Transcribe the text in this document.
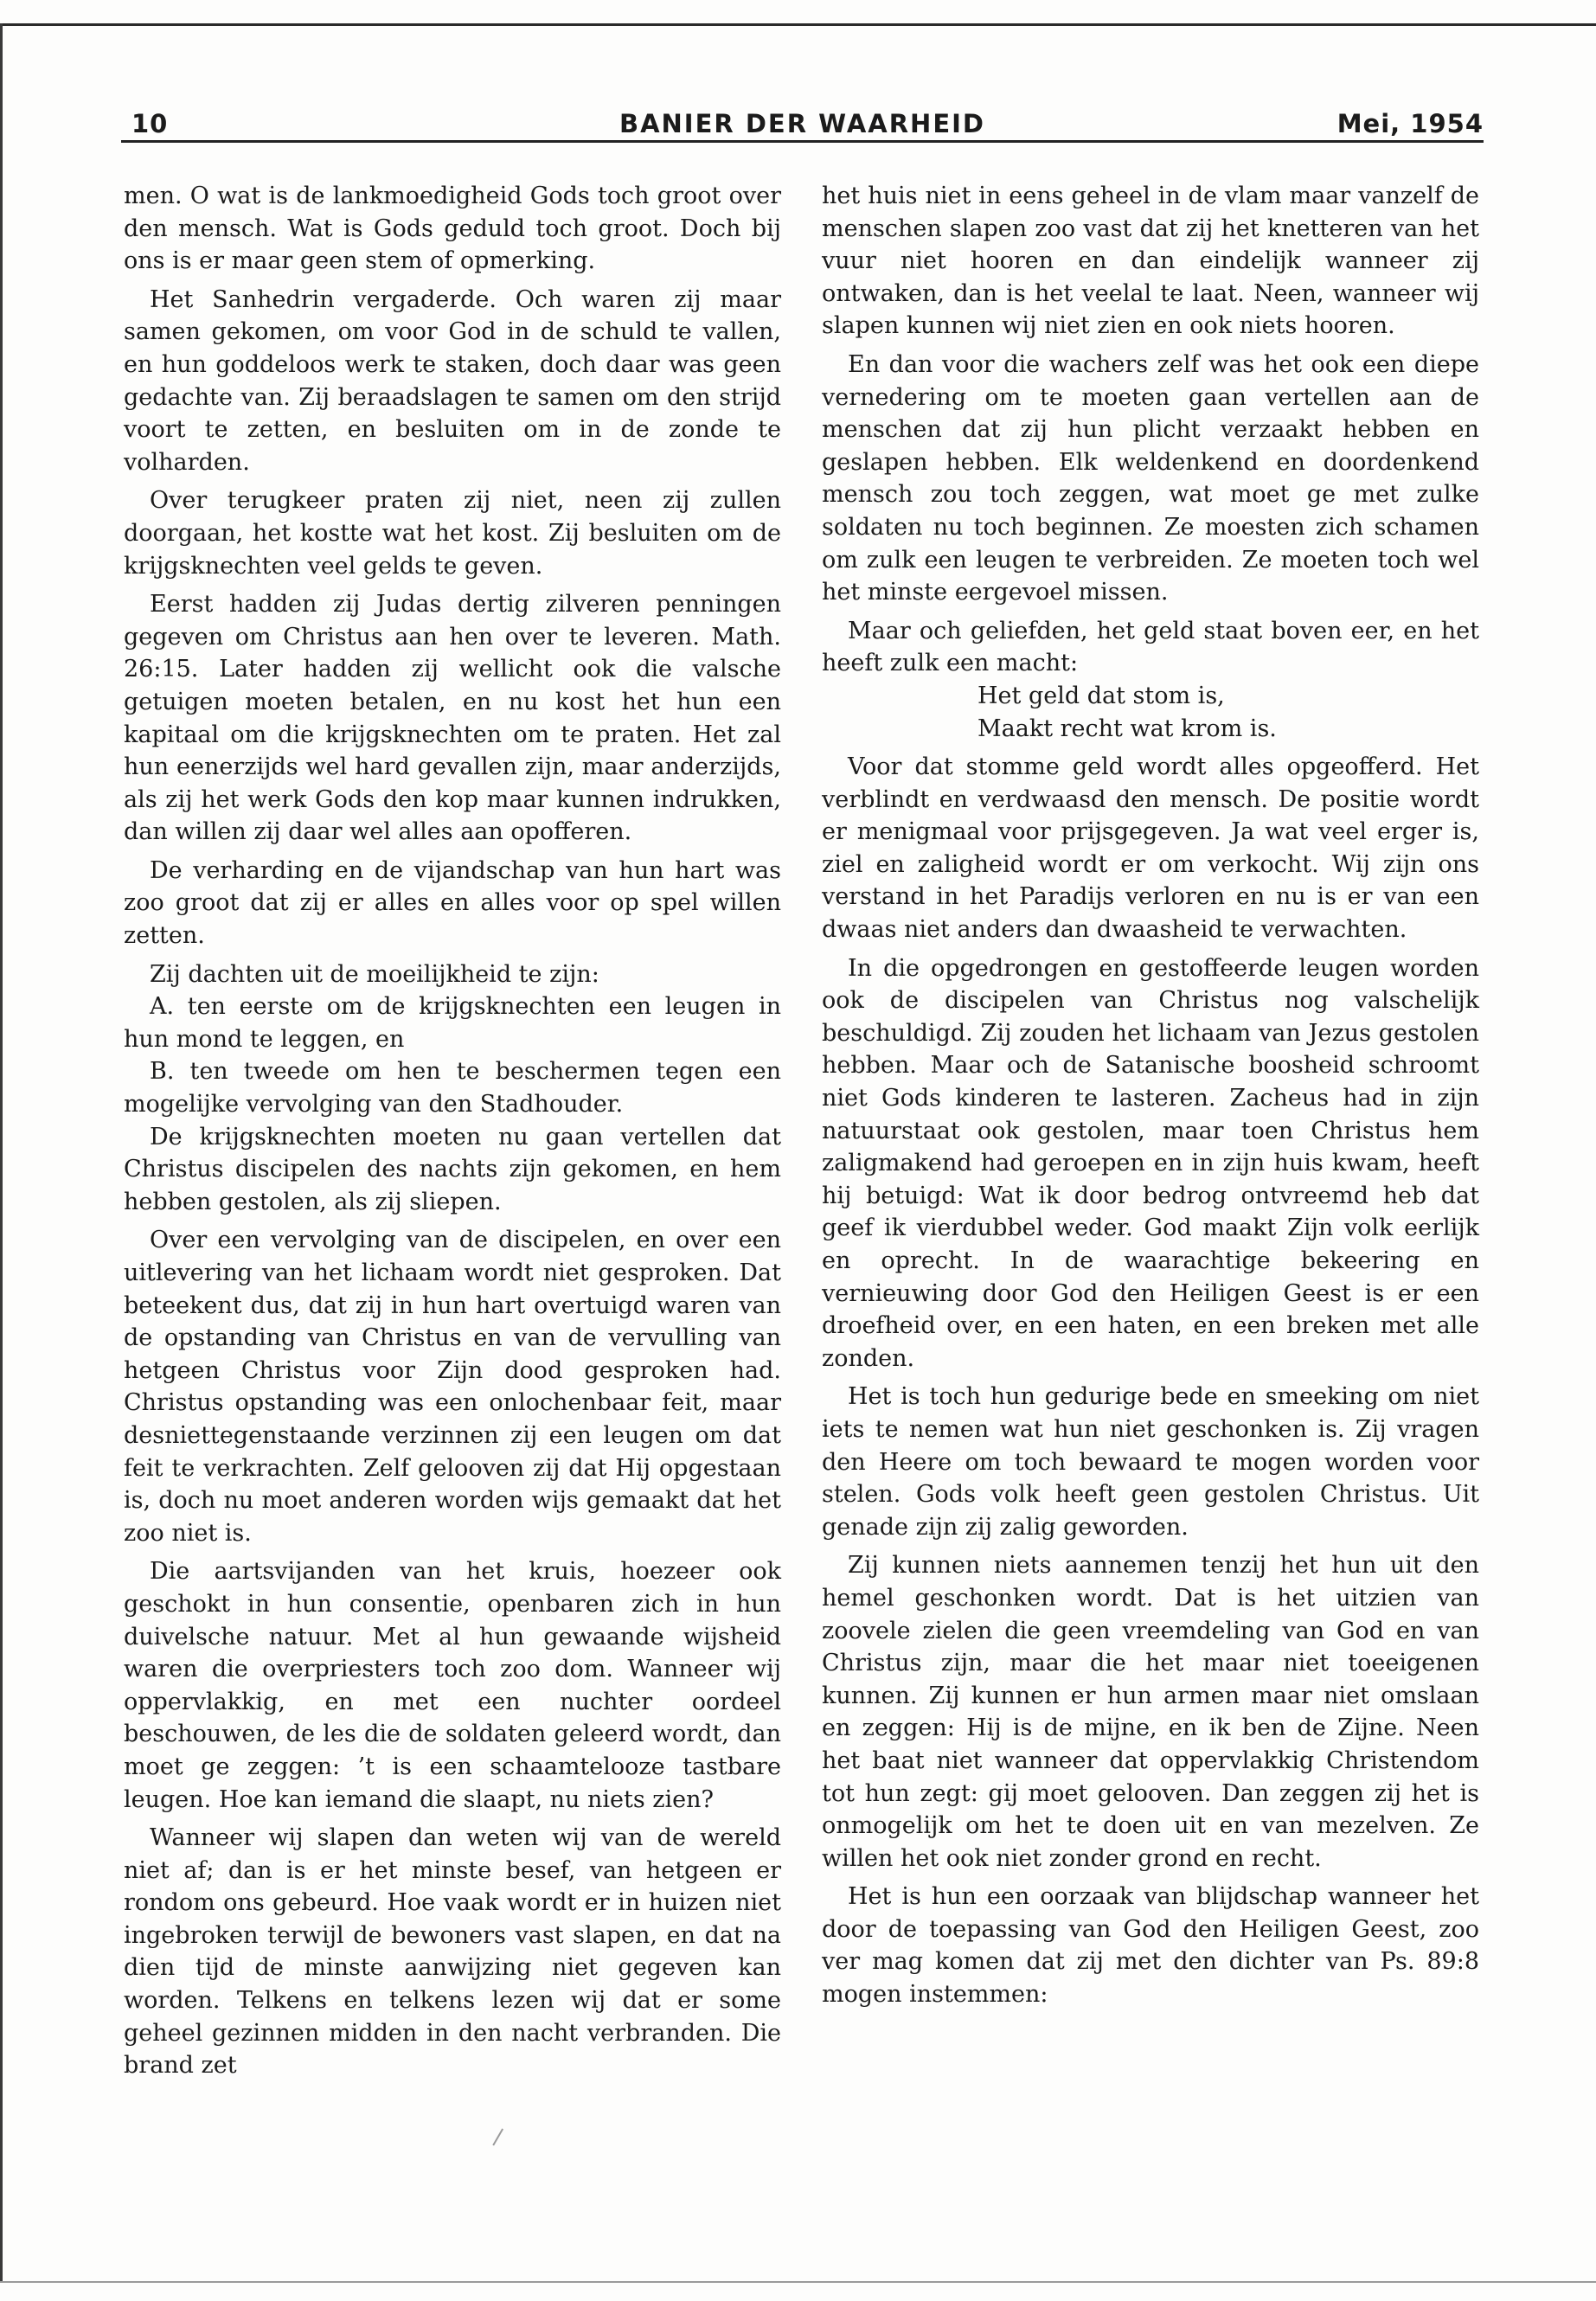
10	BANIER DER WAARHEID	Mei, 1954

men. O wat is de lankmoedigheid Gods toch groot over den mensch. Wat is Gods geduld toch groot. Doch bij ons is er maar geen stem of opmerking.

Het Sanhedrin vergaderde. Och waren zij maar samen gekomen, om voor God in de schuld te vallen, en hun goddeloos werk te staken, doch daar was geen gedachte van. Zij beraadslagen te samen om den strijd voort te zetten, en besluiten om in de zonde te volharden.

Over terugkeer praten zij niet, neen zij zullen doorgaan, het kostte wat het kost. Zij besluiten om de krijgsknechten veel gelds te geven.

Eerst hadden zij Judas dertig zilveren penningen gegeven om Christus aan hen over te leveren. Math. 26:15. Later hadden zij wellicht ook die valsche getuigen moeten betalen, en nu kost het hun een kapitaal om die krijgsknechten om te praten. Het zal hun eenerzijds wel hard gevallen zijn, maar anderzijds, als zij het werk Gods den kop maar kunnen indrukken, dan willen zij daar wel alles aan opofferen.

De verharding en de vijandschap van hun hart was zoo groot dat zij er alles en alles voor op spel willen zetten.

Zij dachten uit de moeilijkheid te zijn:

A. ten eerste om de krijgsknechten een leugen in hun mond te leggen, en

B. ten tweede om hen te beschermen tegen een mogelijke vervolging van den Stadhouder.

De krijgsknechten moeten nu gaan vertellen dat Christus discipelen des nachts zijn gekomen, en hem hebben gestolen, als zij sliepen.

Over een vervolging van de discipelen, en over een uitlevering van het lichaam wordt niet gesproken. Dat beteekent dus, dat zij in hun hart overtuigd waren van de opstanding van Christus en van de vervulling van hetgeen Christus voor Zijn dood gesproken had. Christus opstanding was een onlochenbaar feit, maar desniettegenstaande verzinnen zij een leugen om dat feit te verkrachten. Zelf gelooven zij dat Hij opgestaan is, doch nu moet anderen worden wijs gemaakt dat het zoo niet is.

Die aartsvijanden van het kruis, hoezeer ook geschokt in hun consentie, openbaren zich in hun duivelsche natuur. Met al hun gewaande wijsheid waren die overpriesters toch zoo dom. Wanneer wij oppervlakkig, en met een nuchter oordeel beschouwen, de les die de soldaten geleerd wordt, dan moet ge zeggen: ’t is een schaamtelooze tastbare leugen. Hoe kan iemand die slaapt, nu niets zien?

Wanneer wij slapen dan weten wij van de wereld niet af; dan is er het minste besef, van hetgeen er rondom ons gebeurd. Hoe vaak wordt er in huizen niet ingebroken terwijl de bewoners vast slapen, en dat na dien tijd de minste aanwijzing niet gegeven kan worden. Telkens en telkens lezen wij dat er some geheel gezinnen midden in den nacht verbranden. Die brand zet

het huis niet in eens geheel in de vlam maar vanzelf de menschen slapen zoo vast dat zij het knetteren van het vuur niet hooren en dan eindelijk wanneer zij ontwaken, dan is het veelal te laat. Neen, wanneer wij slapen kunnen wij niet zien en ook niets hooren.

En dan voor die wachers zelf was het ook een diepe vernedering om te moeten gaan vertellen aan de menschen dat zij hun plicht verzaakt hebben en geslapen hebben. Elk weldenkend en doordenkend mensch zou toch zeggen, wat moet ge met zulke soldaten nu toch beginnen. Ze moesten zich schamen om zulk een leugen te verbreiden. Ze moeten toch wel het minste eergevoel missen.

Maar och geliefden, het geld staat boven eer, en het heeft zulk een macht:

Het geld dat stom is,
Maakt recht wat krom is.

Voor dat stomme geld wordt alles opgeofferd. Het verblindt en verdwaasd den mensch. De positie wordt er menigmaal voor prijsgegeven. Ja wat veel erger is, ziel en zaligheid wordt er om verkocht. Wij zijn ons verstand in het Paradijs verloren en nu is er van een dwaas niet anders dan dwaasheid te verwachten.

In die opgedrongen en gestoffeerde leugen worden ook de discipelen van Christus nog valschelijk beschuldigd. Zij zouden het lichaam van Jezus gestolen hebben. Maar och de Satanische boosheid schroomt niet Gods kinderen te lasteren. Zacheus had in zijn natuurstaat ook gestolen, maar toen Christus hem zaligmakend had geroepen en in zijn huis kwam, heeft hij betuigd: Wat ik door bedrog ontvreemd heb dat geef ik vierdubbel weder. God maakt Zijn volk eerlijk en oprecht. In de waarachtige bekeering en vernieuwing door God den Heiligen Geest is er een droefheid over, en een haten, en een breken met alle zonden.

Het is toch hun gedurige bede en smeeking om niet iets te nemen wat hun niet geschonken is. Zij vragen den Heere om toch bewaard te mogen worden voor stelen. Gods volk heeft geen gestolen Christus. Uit genade zijn zij zalig geworden.

Zij kunnen niets aannemen tenzij het hun uit den hemel geschonken wordt. Dat is het uitzien van zoovele zielen die geen vreemdeling van God en van Christus zijn, maar die het maar niet toeeigenen kunnen. Zij kunnen er hun armen maar niet omslaan en zeggen: Hij is de mijne, en ik ben de Zijne. Neen het baat niet wanneer dat oppervlakkig Christendom tot hun zegt: gij moet gelooven. Dan zeggen zij het is onmogelijk om het te doen uit en van mezelven. Ze willen het ook niet zonder grond en recht.

Het is hun een oorzaak van blijdschap wanneer het door de toepassing van God den Heiligen Geest, zoo ver mag komen dat zij met den dichter van Ps. 89:8 mogen instemmen:
